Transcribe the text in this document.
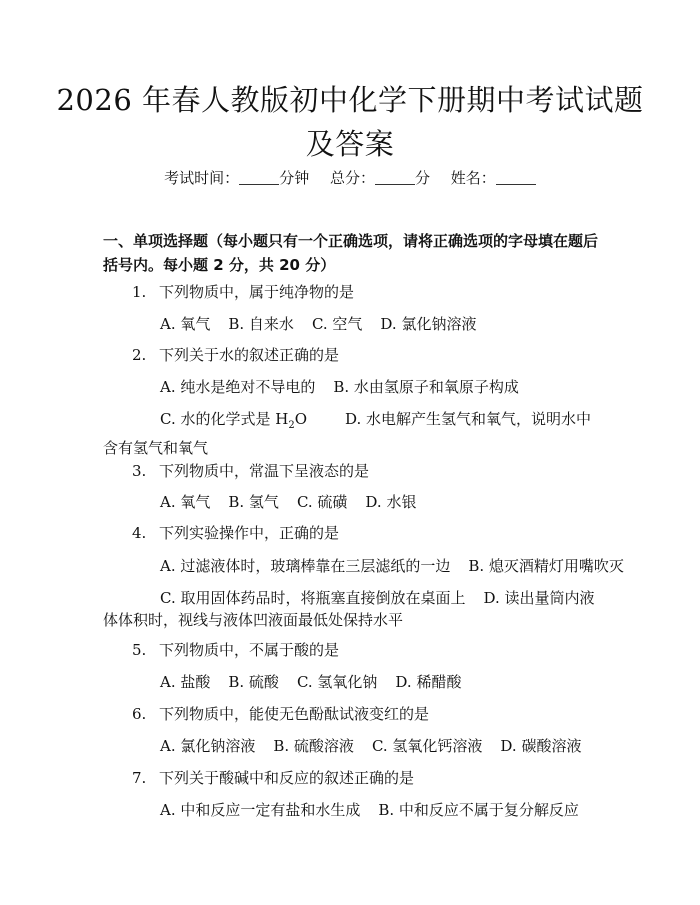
2026 年春人教版初中化学下册期中考试试题
及答案
考试时间：	分钟 总分：	分 姓名：
一、单项选择题（每小题只有一个正确选项，请将正确选项的字母填在题后括号内。每小题 2 分，共 20 分）
1. 下列物质中，属于纯净物的是
A. 氧气 B. 自来水 C. 空气 D. 氯化钠溶液
2. 下列关于水的叙述正确的是
A. 纯水是绝对不导电的 B. 水由氢原子和氧原子构成
C. 水的化学式是 $H_2O$	D. 水电解产生氢气和氧气，说明水中含有氢气和氧气
3. 下列物质中，常温下呈液态的是
A. 氧气 B. 氢气 C. 硫磺 D. 水银
4. 下列实验操作中，正确的是
A. 过滤液体时，玻璃棒靠在三层滤纸的一边 B. 熄灭酒精灯用嘴吹灭
C. 取用固体药品时，将瓶塞直接倒放在桌面上 D. 读出量筒内液体体积时，视线与液体凹液面最低处保持水平
5. 下列物质中，不属于酸的是
A. 盐酸 B. 硫酸 C. 氢氧化钠 D. 稀醋酸
6. 下列物质中，能使无色酚酞试液变红的是
A. 氯化钠溶液 B. 硫酸溶液 C. 氢氧化钙溶液 D. 碳酸溶液
7. 下列关于酸碱中和反应的叙述正确的是
A. 中和反应一定有盐和水生成 B. 中和反应不属于复分解反应
